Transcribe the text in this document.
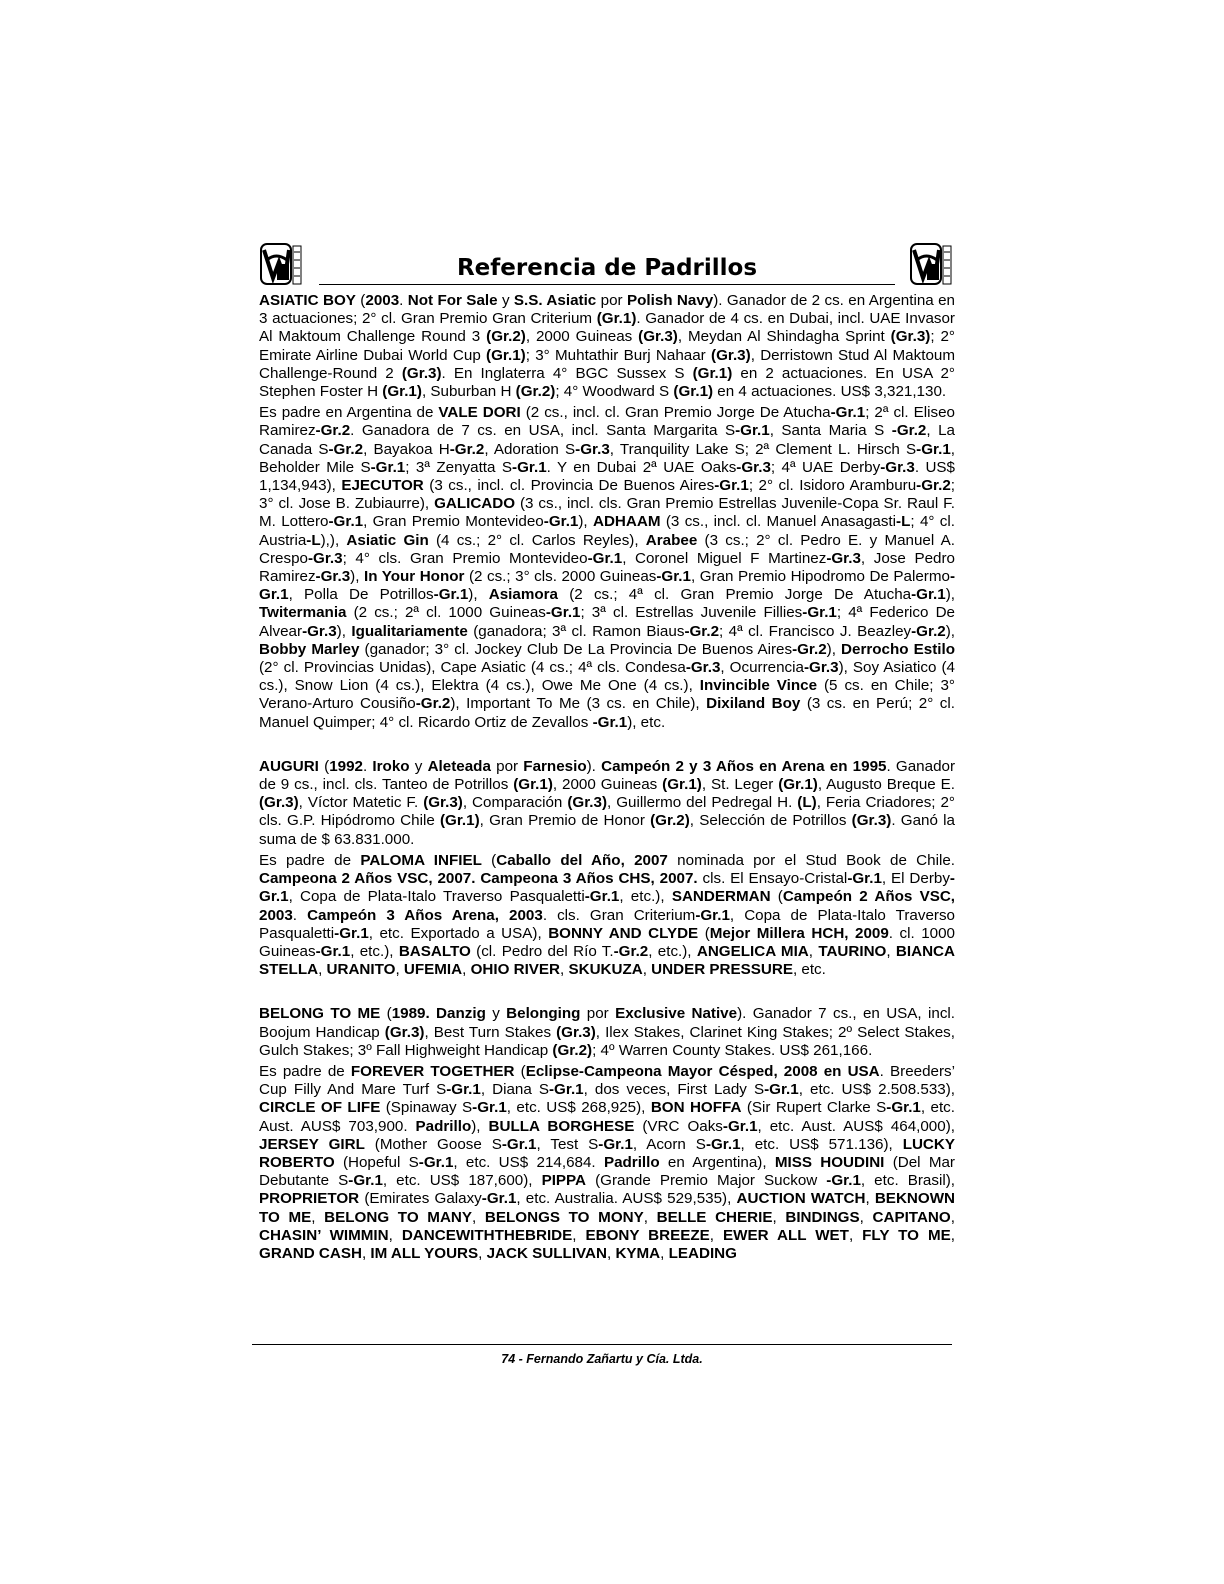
Referencia de Padrillos

ASIATIC BOY (2003. Not For Sale y S.S. Asiatic por Polish Navy). Ganador de 2 cs. en Argentina en 3 actuaciones; 2° cl. Gran Premio Gran Criterium (Gr.1). Ganador de 4 cs. en Dubai, incl. UAE Invasor Al Maktoum Challenge Round 3 (Gr.2), 2000 Guineas (Gr.3), Meydan Al Shindagha Sprint (Gr.3); 2° Emirate Airline Dubai World Cup (Gr.1); 3° Muhtathir Burj Nahaar (Gr.3), Derristown Stud Al Maktoum Challenge-Round 2 (Gr.3). En Inglaterra 4° BGC Sussex S (Gr.1) en 2 actuaciones. En USA 2° Stephen Foster H (Gr.1), Suburban H (Gr.2); 4° Woodward S (Gr.1) en 4 actuaciones. US$ 3,321,130.

Es padre en Argentina de VALE DORI (2 cs., incl. cl. Gran Premio Jorge De Atucha-Gr.1; 2ª cl. Eliseo Ramirez-Gr.2. Ganadora de 7 cs. en USA, incl. Santa Margarita S-Gr.1, Santa Maria S -Gr.2, La Canada S-Gr.2, Bayakoa H-Gr.2, Adoration S-Gr.3, Tranquility Lake S; 2ª Clement L. Hirsch S-Gr.1, Beholder Mile S-Gr.1; 3ª Zenyatta S-Gr.1. Y en Dubai 2ª UAE Oaks-Gr.3; 4ª UAE Derby-Gr.3. US$ 1,134,943), EJECUTOR (3 cs., incl. cl. Provincia De Buenos Aires-Gr.1; 2° cl. Isidoro Aramburu-Gr.2; 3° cl. Jose B. Zubiaurre), GALICADO (3 cs., incl. cls. Gran Premio Estrellas Juvenile-Copa Sr. Raul F. M. Lottero-Gr.1, Gran Premio Montevideo-Gr.1), ADHAAM (3 cs., incl. cl. Manuel Anasagasti-L; 4° cl. Austria-L),), Asiatic Gin (4 cs.; 2° cl. Carlos Reyles), Arabee (3 cs.; 2° cl. Pedro E. y Manuel A. Crespo-Gr.3; 4° cls. Gran Premio Montevideo-Gr.1, Coronel Miguel F Martinez-Gr.3, Jose Pedro Ramirez-Gr.3), In Your Honor (2 cs.; 3° cls. 2000 Guineas-Gr.1, Gran Premio Hipodromo De Palermo-Gr.1, Polla De Potrillos-Gr.1), Asiamora (2 cs.; 4ª cl. Gran Premio Jorge De Atucha-Gr.1), Twitermania (2 cs.; 2ª cl. 1000 Guineas-Gr.1; 3ª cl. Estrellas Juvenile Fillies-Gr.1; 4ª Federico De Alvear-Gr.3), Igualitariamente (ganadora; 3ª cl. Ramon Biaus-Gr.2; 4ª cl. Francisco J. Beazley-Gr.2), Bobby Marley (ganador; 3° cl. Jockey Club De La Provincia De Buenos Aires-Gr.2), Derrocho Estilo (2° cl. Provincias Unidas), Cape Asiatic (4 cs.; 4ª cls. Condesa-Gr.3, Ocurrencia-Gr.3), Soy Asiatico (4 cs.), Snow Lion (4 cs.), Elektra (4 cs.), Owe Me One (4 cs.), Invincible Vince (5 cs. en Chile; 3° Verano-Arturo Cousiño-Gr.2), Important To Me (3 cs. en Chile), Dixiland Boy (3 cs. en Perú; 2° cl. Manuel Quimper; 4° cl. Ricardo Ortiz de Zevallos -Gr.1), etc.

AUGURI (1992. Iroko y Aleteada por Farnesio). Campeón 2 y 3 Años en Arena en 1995. Ganador de 9 cs., incl. cls. Tanteo de Potrillos (Gr.1), 2000 Guineas (Gr.1), St. Leger (Gr.1), Augusto Breque E. (Gr.3), Víctor Matetic F. (Gr.3), Comparación (Gr.3), Guillermo del Pedregal H. (L), Feria Criadores; 2° cls. G.P. Hipódromo Chile (Gr.1), Gran Premio de Honor (Gr.2), Selección de Potrillos (Gr.3). Ganó la suma de $ 63.831.000.

Es padre de PALOMA INFIEL (Caballo del Año, 2007 nominada por el Stud Book de Chile. Campeona 2 Años VSC, 2007. Campeona 3 Años CHS, 2007. cls. El Ensayo-Cristal-Gr.1, El Derby-Gr.1, Copa de Plata-Italo Traverso Pasqualetti-Gr.1, etc.), SANDERMAN (Campeón 2 Años VSC, 2003. Campeón 3 Años Arena, 2003. cls. Gran Criterium-Gr.1, Copa de Plata-Italo Traverso Pasqualetti-Gr.1, etc. Exportado a USA), BONNY AND CLYDE (Mejor Millera HCH, 2009. cl. 1000 Guineas-Gr.1, etc.), BASALTO (cl. Pedro del Río T.-Gr.2, etc.), ANGELICA MIA, TAURINO, BIANCA STELLA, URANITO, UFEMIA, OHIO RIVER, SKUKUZA, UNDER PRESSURE, etc.

BELONG TO ME (1989. Danzig y Belonging por Exclusive Native). Ganador 7 cs., en USA, incl. Boojum Handicap (Gr.3), Best Turn Stakes (Gr.3), Ilex Stakes, Clarinet King Stakes; 2º Select Stakes, Gulch Stakes; 3º Fall Highweight Handicap (Gr.2); 4º Warren County Stakes. US$ 261,166.

Es padre de FOREVER TOGETHER (Eclipse-Campeona Mayor Césped, 2008 en USA. Breeders’ Cup Filly And Mare Turf S-Gr.1, Diana S-Gr.1, dos veces, First Lady S-Gr.1, etc. US$ 2.508.533), CIRCLE OF LIFE (Spinaway S-Gr.1, etc. US$ 268,925), BON HOFFA (Sir Rupert Clarke S-Gr.1, etc. Aust. AUS$ 703,900. Padrillo), BULLA BORGHESE (VRC Oaks-Gr.1, etc. Aust. AUS$ 464,000), JERSEY GIRL (Mother Goose S-Gr.1, Test S-Gr.1, Acorn S-Gr.1, etc. US$ 571.136), LUCKY ROBERTO (Hopeful S-Gr.1, etc. US$ 214,684. Padrillo en Argentina), MISS HOUDINI (Del Mar Debutante S-Gr.1, etc. US$ 187,600), PIPPA (Grande Premio Major Suckow -Gr.1, etc. Brasil), PROPRIETOR (Emirates Galaxy-Gr.1, etc. Australia. AUS$ 529,535), AUCTION WATCH, BEKNOWN TO ME, BELONG TO MANY, BELONGS TO MONY, BELLE CHERIE, BINDINGS, CAPITANO, CHASIN’ WIMMIN, DANCEWITHTHEBRIDE, EBONY BREEZE, EWER ALL WET, FLY TO ME, GRAND CASH, IM ALL YOURS, JACK SULLIVAN, KYMA, LEADING

74 - Fernando Zañartu y Cía. Ltda.
